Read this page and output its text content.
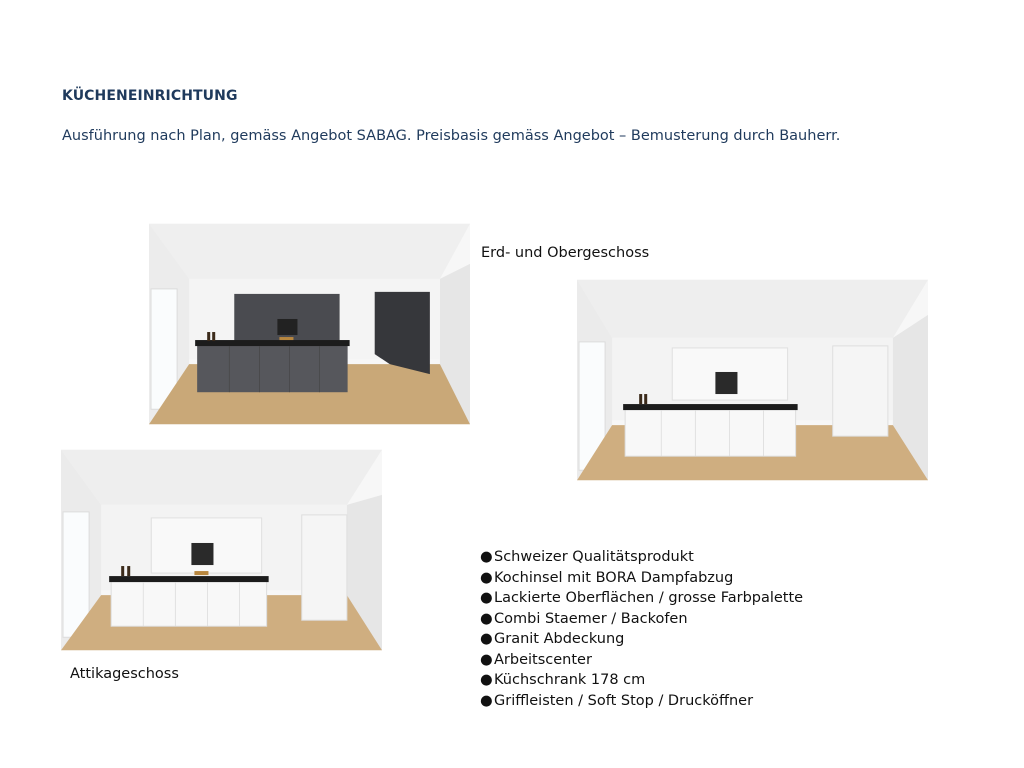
KÜCHENEINRICHTUNG
Ausführung nach Plan, gemäss Angebot SABAG. Preisbasis gemäss Angebot – Bemusterung durch Bauherr.
Erd- und Obergeschoss
Attikageschoss
●Schweizer Qualitätsprodukt
●Kochinsel mit BORA Dampfabzug
●Lackierte Oberflächen / grosse Farbpalette
●Combi Staemer / Backofen
●Granit Abdeckung
●Arbeitscenter
●Küchschrank 178 cm
●Griffleisten / Soft Stop / Drucköffner
